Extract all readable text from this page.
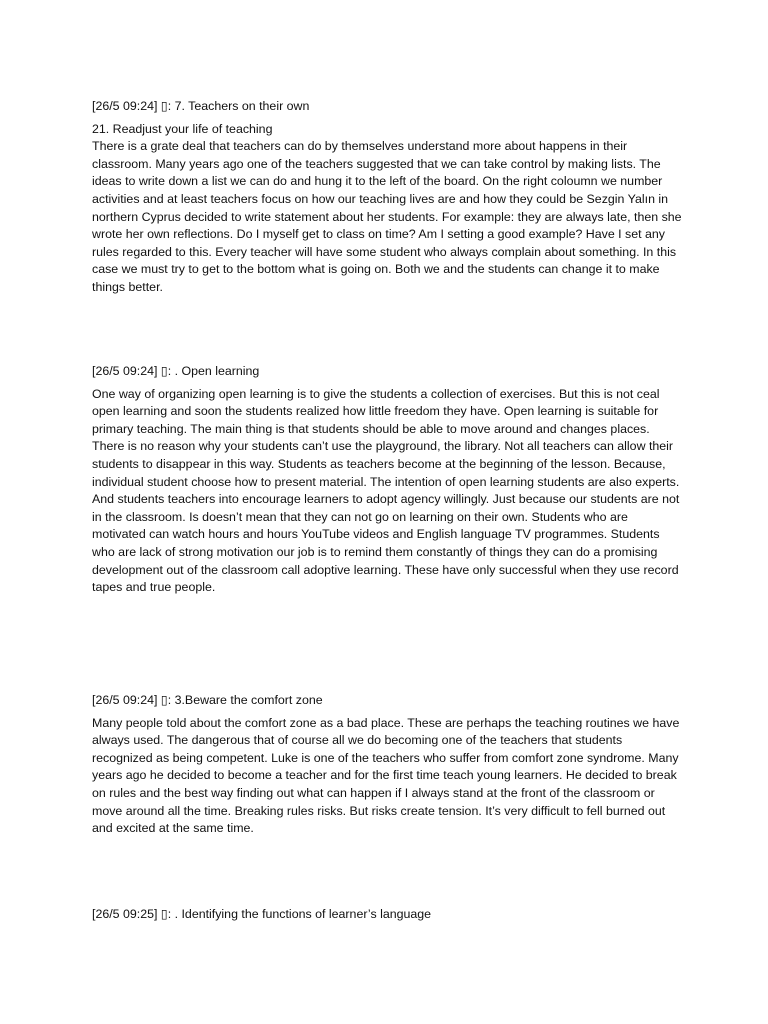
[26/5 09:24] ▯: 7. Teachers on their own

21. Readjust your life of teaching

There is a grate deal that teachers can do by themselves understand more about happens in their classroom. Many years ago one of the teachers suggested that we can take control by making lists. The ideas to write down a list we can do and hung it to the left of the board. On the right coloumn we number activities and at least teachers focus on how our teaching lives are and how they could be Sezgin Yalın in northern Cyprus decided to write statement about her students. For example: they are always late, then she wrote her own reflections. Do I myself get to class on time? Am I setting a good example? Have I set any rules regarded to this. Every teacher will have some student who always complain about something. In this case we must try to get to the bottom what is going on. Both we and the students can change it to make things better.

[26/5 09:24] ▯: . Open learning

One way of organizing open learning is to give the students a collection of exercises. But this is not ceal open learning and soon the students realized how little freedom they have. Open learning is suitable for primary teaching. The main thing is that students should be able to move around and changes places. There is no reason why your students can’t use the playground, the library. Not all teachers can allow their students to disappear in this way. Students as teachers become at the beginning of the lesson. Because, individual student choose how to present material. The intention of open learning students are also experts. And students teachers into encourage learners to adopt agency willingly. Just because our students are not in the classroom. Is doesn’t mean that they can not go on learning on their own. Students who are motivated can watch hours and hours YouTube videos and English language TV programmes. Students who are lack of strong motivation our job is to remind them constantly of things they can do a promising development out of the classroom call adoptive learning. These have only successful when they use record tapes and true people.

[26/5 09:24] ▯: 3.Beware the comfort zone

Many people told about the comfort zone as a bad place. These are perhaps the teaching routines we have always used. The dangerous that of course all we do becoming one of the teachers that students recognized as being competent. Luke is one of the teachers who suffer from comfort zone syndrome. Many years ago he decided to become a teacher and for the first time teach young learners. He decided to break on rules and the best way finding out what can happen if I always stand at the front of the classroom or move around all the time. Breaking rules risks. But risks create tension. It’s very difficult to fell burned out and excited at the same time.

[26/5 09:25] ▯: . Identifying the functions of learner’s language
